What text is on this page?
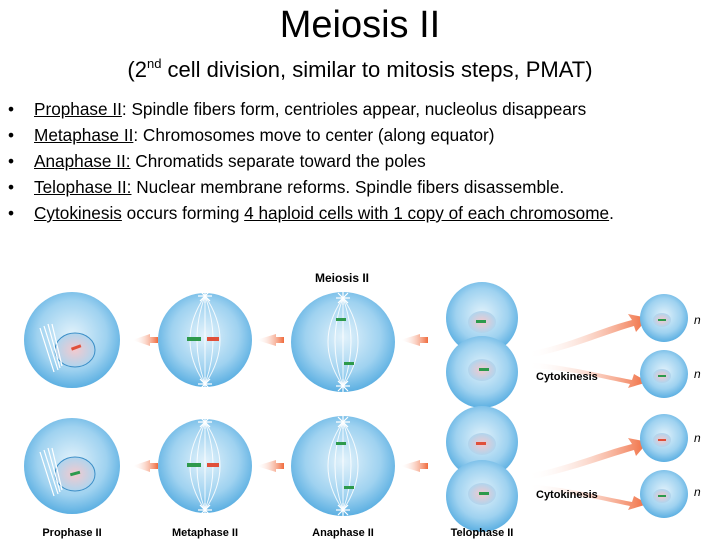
Meiosis II
(2nd cell division, similar to mitosis steps, PMAT)
• Prophase II: Spindle fibers form, centrioles appear, nucleolus disappears
• Metaphase II: Chromosomes move to center (along equator)
• Anaphase II: Chromatids separate toward the poles
• Telophase II: Nuclear membrane reforms. Spindle fibers disassemble.
• Cytokinesis occurs forming 4 haploid cells with 1 copy of each chromosome.
Meiosis II
Cytokinesis
n
n
Cytokinesis
n
n
Prophase II	Metaphase II	Anaphase II	Telophase II
